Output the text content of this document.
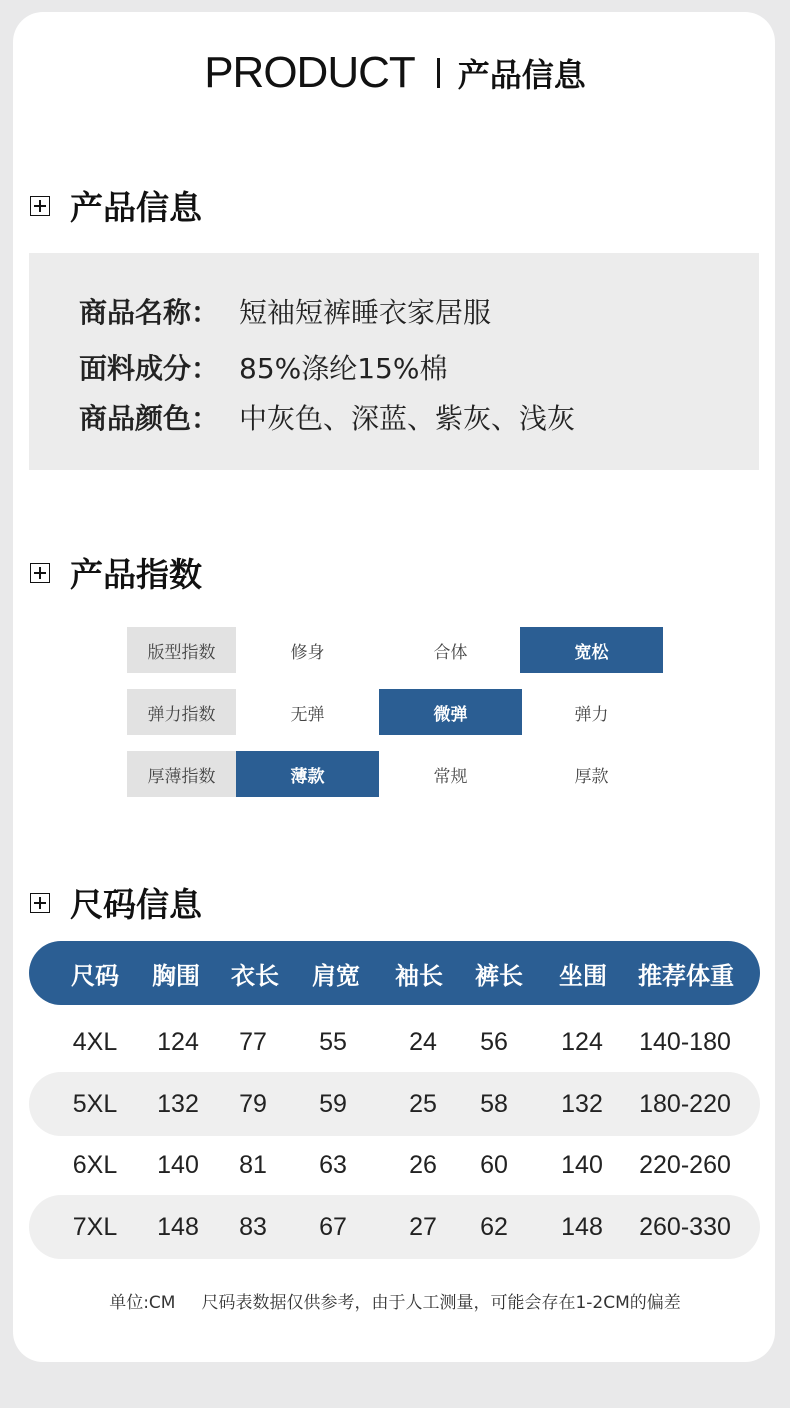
PRODUCT 产品信息
产品信息
商品名称： 短袖短裤睡衣家居服
面料成分： 85%涤纶15%棉
商品颜色： 中灰色、深蓝、紫灰、浅灰
产品指数
版型指数	修身	合体	宽松
弹力指数	无弹	微弹	弹力
厚薄指数	薄款	常规	厚款
尺码信息
尺码 胸围 衣长 肩宽 袖长 裤长 坐围 推荐体重
4XL 124 77 55 24 56 124 140-180
5XL 132 79 59 25 58 132 180-220
6XL 140 81 63 26 60 140 220-260
7XL 148 83 67 27 62 148 260-330
单位:CM 尺码表数据仅供参考，由于人工测量，可能会存在1-2CM的偏差
